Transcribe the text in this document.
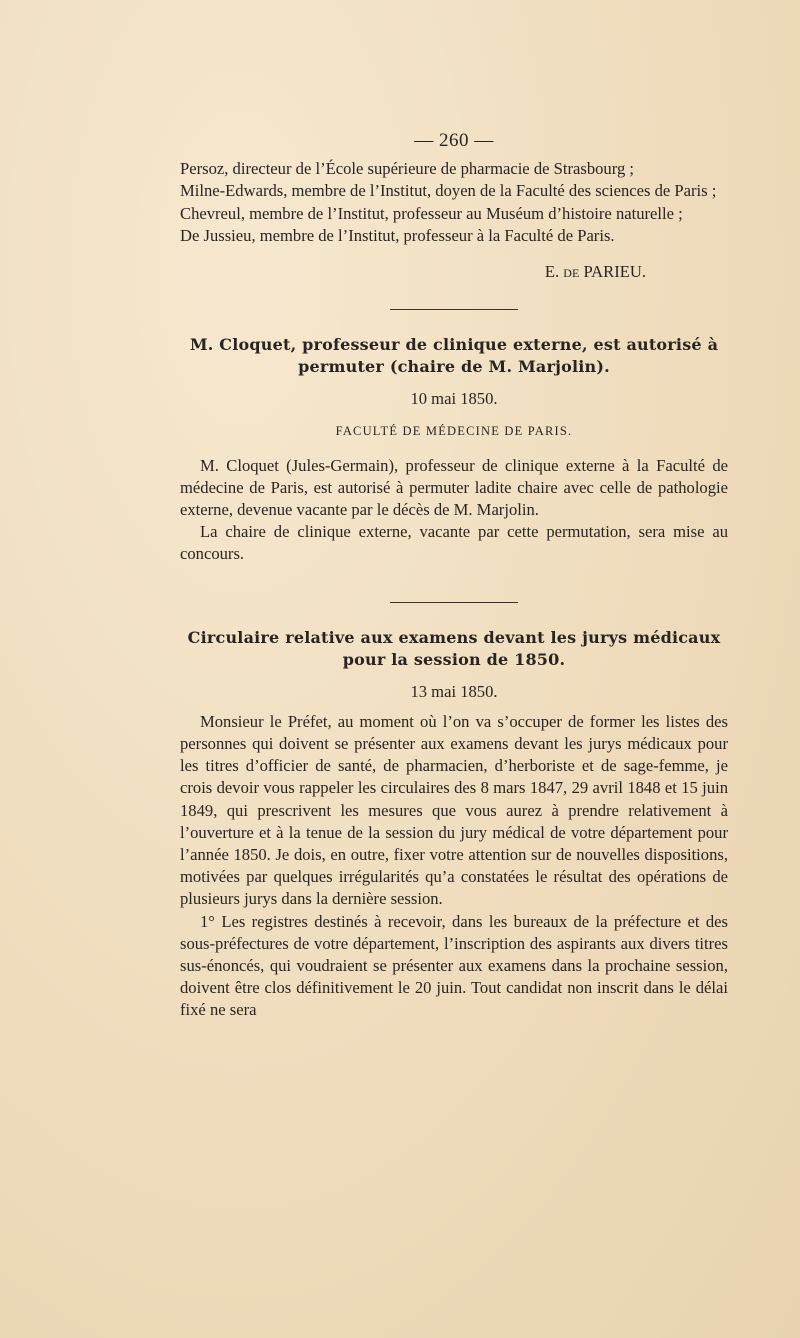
— 260 —

Persoz, directeur de l’École supérieure de pharmacie de Strasbourg ;

Milne-Edwards, membre de l’Institut, doyen de la Faculté des sciences de Paris ;

Chevreul, membre de l’Institut, professeur au Muséum d’histoire naturelle ;

De Jussieu, membre de l’Institut, professeur à la Faculté de Paris.

E. de PARIEU.
M. Cloquet, professeur de clinique externe, est autorisé à permuter (chaire de M. Marjolin).
10 mai 1850.
FACULTÉ DE MÉDECINE DE PARIS.

M. Cloquet (Jules-Germain), professeur de clinique externe à la Faculté de médecine de Paris, est autorisé à permuter ladite chaire avec celle de pathologie externe, devenue vacante par le décès de M. Marjolin.

La chaire de clinique externe, vacante par cette permutation, sera mise au concours.

Circulaire relative aux examens devant les jurys médicaux pour la session de 1850.
13 mai 1850.

Monsieur le Préfet, au moment où l’on va s’occuper de former les listes des personnes qui doivent se présenter aux examens devant les jurys médicaux pour les titres d’officier de santé, de pharmacien, d’herboriste et de sage-femme, je crois devoir vous rappeler les circulaires des 8 mars 1847, 29 avril 1848 et 15 juin 1849, qui prescrivent les mesures que vous aurez à prendre relativement à l’ouverture et à la tenue de la session du jury médical de votre département pour l’année 1850. Je dois, en outre, fixer votre attention sur de nouvelles dispositions, motivées par quelques irrégularités qu’a constatées le résultat des opérations de plusieurs jurys dans la dernière session.

1° Les registres destinés à recevoir, dans les bureaux de la préfecture et des sous-préfectures de votre département, l’inscription des aspirants aux divers titres sus-énoncés, qui voudraient se présenter aux examens dans la prochaine session, doivent être clos définitivement le 20 juin. Tout candidat non inscrit dans le délai fixé ne sera
